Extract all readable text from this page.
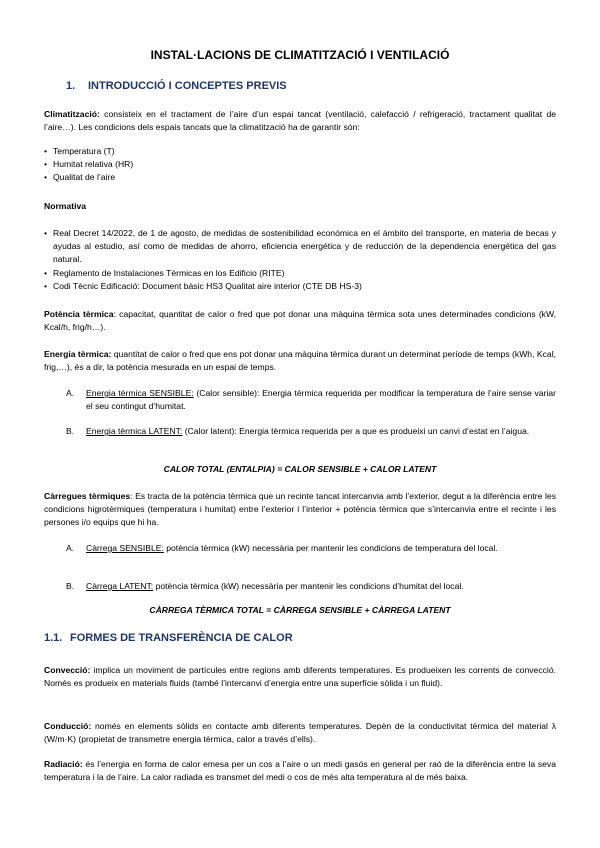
INSTAL·LACIONS DE CLIMATITZACIÓ I VENTILACIÓ
1. INTRODUCCIÓ I CONCEPTES PREVIS
Climatització: consisteix en el tractament de l’aire d’un espai tancat (ventilació, calefacció / refrigeració, tractament qualitat de l’aire…). Les condicions dels espais tancats que la climatització ha de garantir són:
• Temperatura (T)
• Humitat relativa (HR)
• Qualitat de l’aire
Normativa
• Real Decret 14/2022, de 1 de agosto, de medidas de sostenibilidad económica en el ámbito del transporte, en materia de becas y ayudas al estudio, así como de medidas de ahorro, eficiencia energética y de reducción de la dependencia energética del gas natural.
• Reglamento de Instalaciones Térmicas en los Edificio (RITE)
• Codi Tècnic Edificació: Document bàsic HS3 Qualitat aire interior (CTE DB HS-3)
Potència tèrmica: capacitat, quantitat de calor o fred que pot donar una màquina tèrmica sota unes determinades condicions (kW, Kcal/h, frig/h…).
Energia tèrmica: quantitat de calor o fred que ens pot donar una màquina tèrmica durant un determinat període de temps (kWh, Kcal, frig,…), és a dir, la potència mesurada en un espai de temps.
A.	Energia tèrmica SENSIBLE: (Calor sensible): Energia tèrmica requerida per modificar la temperatura de l’aire sense variar el seu contingut d’humitat.
B.	Energia tèrmica LATENT: (Calor latent): Energia tèrmica requerida per a que es produeixi un canvi d’estat en l’aigua.
CALOR TOTAL (ENTALPIA) = CALOR SENSIBLE + CALOR LATENT
Càrregues tèrmiques: Es tracta de la potència tèrmica que un recinte tancat intercanvia amb l’exterior, degut a la diferència entre les condicions higrotèrmiques (temperatura i humitat) entre l’exterior i l’interior + potència tèrmica que s’intercanvia entre el recinte i les persones i/o equips que hi ha.
A.	Càrrega SENSIBLE: potència tèrmica (kW) necessària per mantenir les condicions de temperatura del local.
B.	Càrrega LATENT: potència tèrmica (kW) necessària per mantenir les condicions d’humitat del local.
CÀRREGA TÈRMICA TOTAL = CÀRREGA SENSIBLE + CÀRREGA LATENT
1.1. FORMES DE TRANSFERÈNCIA DE CALOR
Convecció: implica un moviment de partícules entre regions amb diferents temperatures. Es produeixen les corrents de convecció. Només es produeix en materials fluids (també l’intercanvi d’energia entre una superfície sòlida i un fluid).
Conducció: només en elements sòlids en contacte amb diferents temperatures. Depèn de la conductivitat tèrmica del material λ (W/m·K) (propietat de transmetre energia tèrmica, calor a través d’ells).
Radiació: és l’energia en forma de calor emesa per un cos a l’aire o un medi gasós en general per raó de la diferència entre la seva temperatura i la de l’aire. La calor radiada es transmet del medi o cos de més alta temperatura al de més baixa.
